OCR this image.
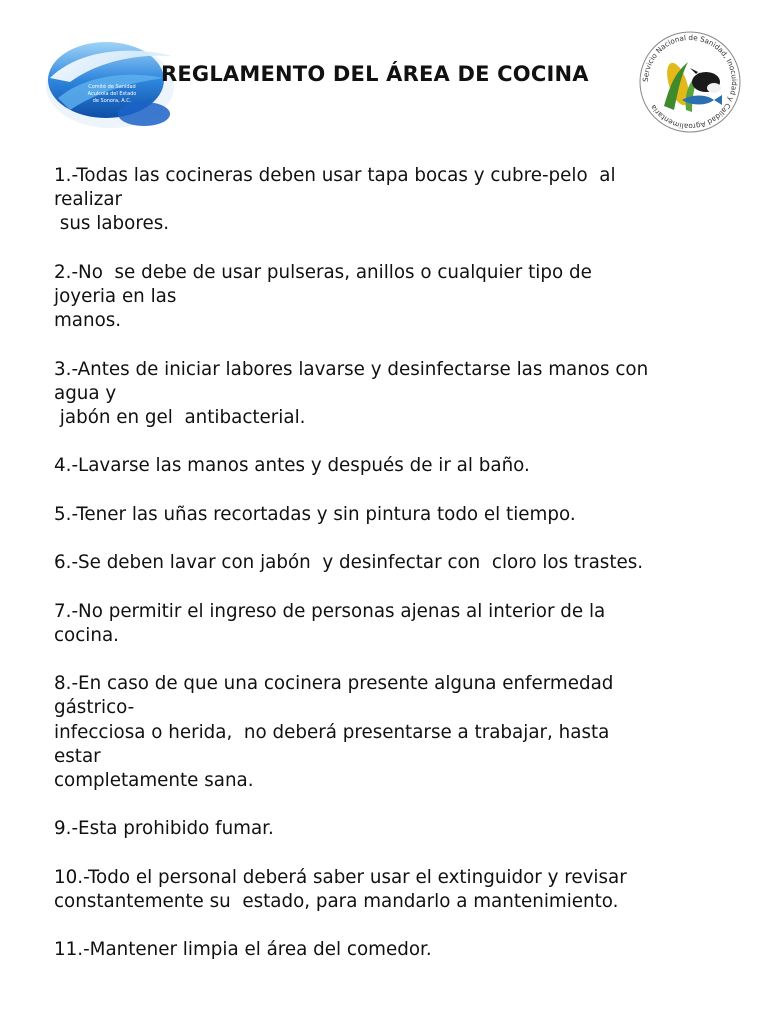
Comité de Sanidad
Acuícola del Estado
de Sonora, A.C.
REGLAMENTO DEL ÁREA DE COCINA	Servicio Nacional de Sanidad, Inocuidad y Calidad Agroalimentaria
1.-Todas las cocineras deben usar tapa bocas y cubre-pelo  al
realizar
sus labores.
2.-No  se debe de usar pulseras, anillos o cualquier tipo de
joyeria en las
manos.
3.-Antes de iniciar labores lavarse y desinfectarse las manos con
agua y
jabón en gel  antibacterial.
4.-Lavarse las manos antes y después de ir al baño.
5.-Tener las uñas recortadas y sin pintura todo el tiempo.
6.-Se deben lavar con jabón  y desinfectar con  cloro los trastes.
7.-No permitir el ingreso de personas ajenas al interior de la
cocina.
8.-En caso de que una cocinera presente alguna enfermedad
gástrico-
infecciosa o herida,  no deberá presentarse a trabajar, hasta
estar
completamente sana.
9.-Esta prohibido fumar.
10.-Todo el personal deberá saber usar el extinguidor y revisar
constantemente su  estado, para mandarlo a mantenimiento.
11.-Mantener limpia el área del comedor.
